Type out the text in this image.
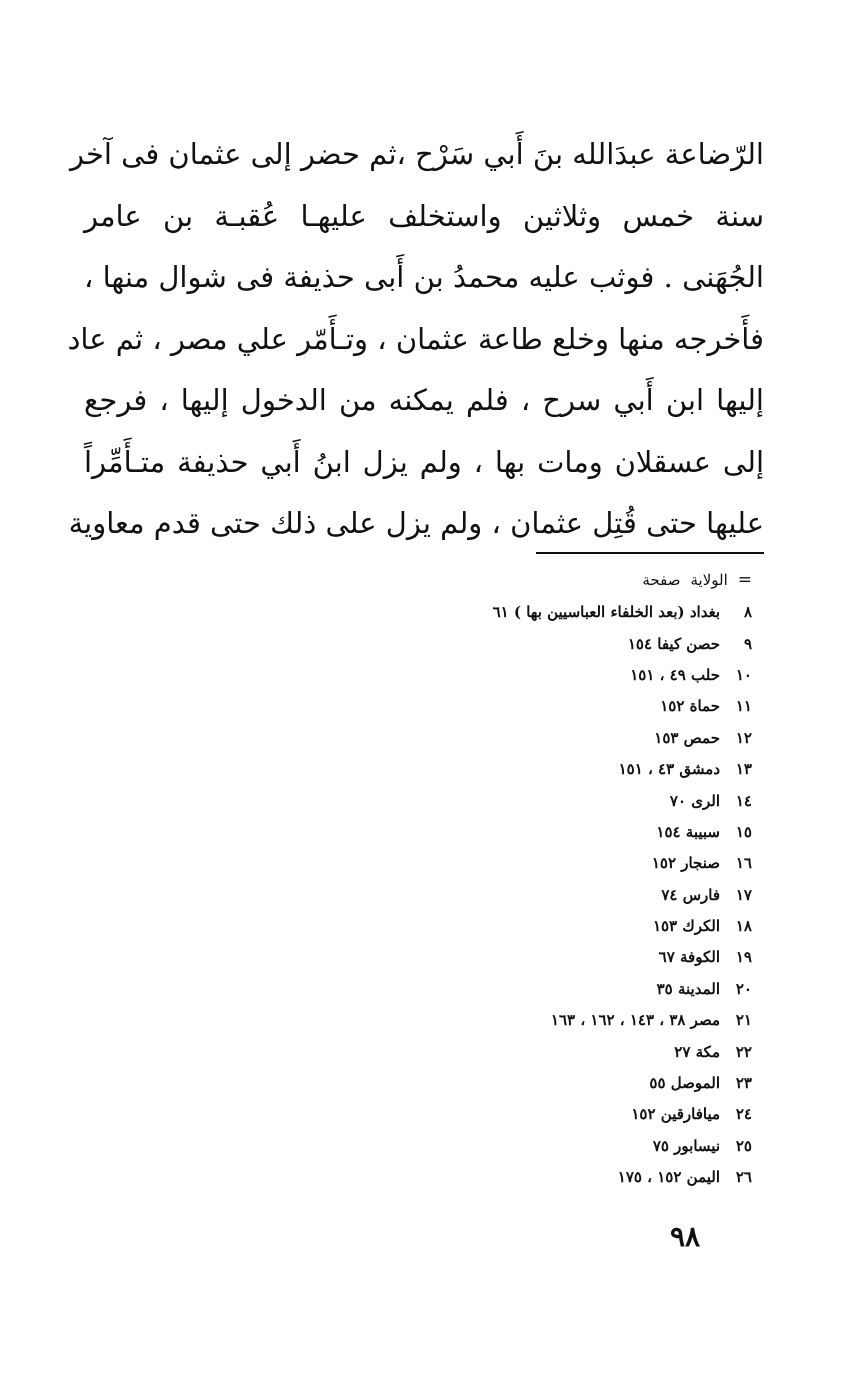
الرّضاعة عبدَالله بنَ أَبي سَرْح ،ثم حضر إلى عثمان فى آخر
سنة خمس وثلاثين واستخلف عليهـا عُقبـة بن عامر
الجُهَنى . فوثب عليه محمدُ بن أَبى حذيفة فى شوال منها ،
فأَخرجه منها وخلع طاعة عثمان ، وتـأَمّر علي مصر ، ثم عاد
إليها ابن أَبي سرح ، فلم يمكنه من الدخول إليها ، فرجع
إلى عسقلان ومات بها ، ولم يزل ابنُ أَبي حذيفة متـأَمِّراً
عليها حتى قُتِل عثمان ، ولم يزل على ذلك حتى قدم معاوية
=
الولاية
صفحة
٨
بغداد (بعد الخلفاء العباسيين بها ) ٦١
٩
حصن كيفا ١٥٤
١٠
حلب ٤٩ ، ١٥١
١١
حماة ١٥٢
١٢
حمص ١٥٣
١٣
دمشق ٤٣ ، ١٥١
١٤
الرى ٧٠
١٥
سبيبة ١٥٤
١٦
صنجار ١٥٢
١٧
فارس ٧٤
١٨
الكرك ١٥٣
١٩
الكوفة ٦٧
٢٠
المدينة ٣٥
٢١
مصر ٣٨ ، ١٤٣ ، ١٦٢ ، ١٦٣
٢٢
مكة ٢٧
٢٣
الموصل ٥٥
٢٤
ميافارقين ١٥٢
٢٥
نيسابور ٧٥
٢٦
اليمن ١٥٢ ، ١٧٥
٩٨
